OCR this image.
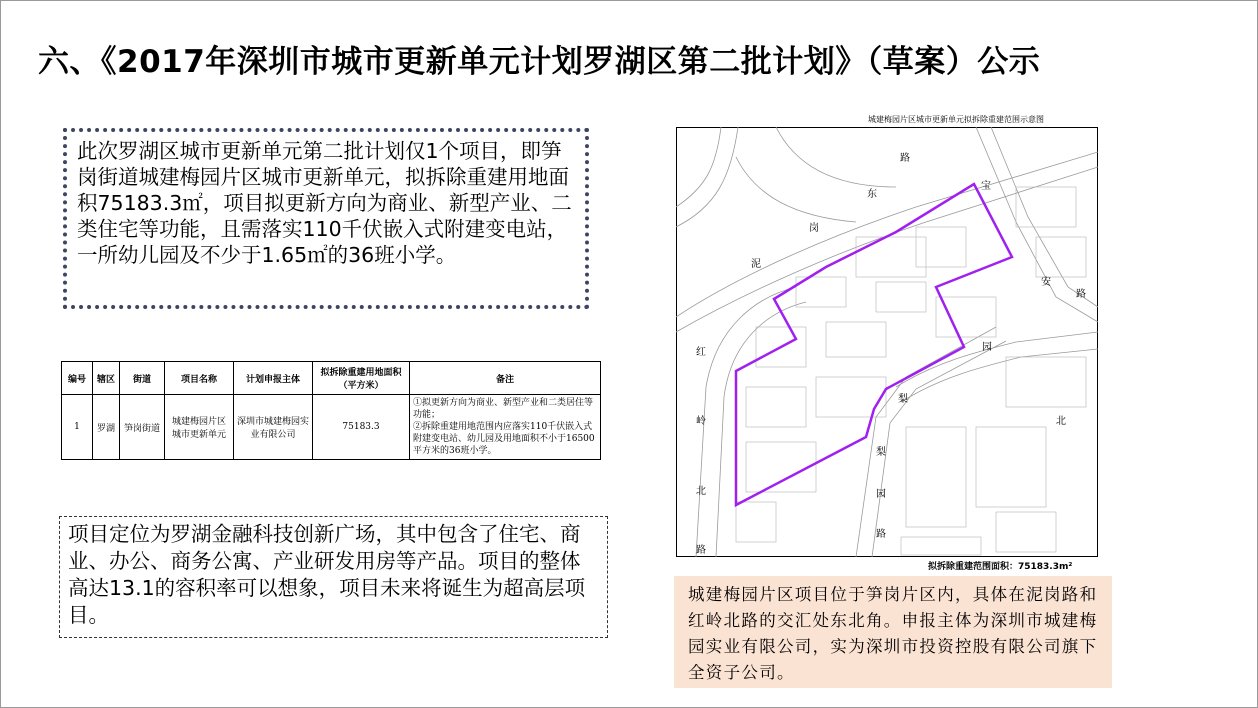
六、《2017年深圳市城市更新单元计划罗湖区第二批计划》（草案）公示
此次罗湖区城市更新单元第二批计划仅1个项目，即笋岗街道城建梅园片区城市更新单元，拟拆除重建用地面积75183.3㎡，项目拟更新方向为商业、新型产业、二类住宅等功能，且需落实110千伏嵌入式附建变电站，一所幼儿园及不少于1.65㎡的36班小学。
编号	辖区	街道	项目名称	计划申报主体	拟拆除重建用地面积（平方米）	备注
1	罗湖	笋岗街道	城建梅园片区城市更新单元	深圳市城建梅园实业有限公司	75183.3	①拟更新方向为商业、新型产业和二类居住等功能；
②拆除重建用地范围内应落实110千伏嵌入式附建变电站、幼儿园及用地面积不小于16500平方米的36班小学。
项目定位为罗湖金融科技创新广场，其中包含了住宅、商业、办公、商务公寓、产业研发用房等产品。项目的整体高达13.1的容积率可以想象，项目未来将诞生为超高层项目。
城建梅园片区城市更新单元拟拆除重建范围示意图
路
东
岗
泥
宝
安
路
红
岭
北
路
园
梨
园
路
梨
北
拟拆除重建范围面积：75183.3m²
城建梅园片区项目位于笋岗片区内，具体在泥岗路和红岭北路的交汇处东北角。申报主体为深圳市城建梅园实业有限公司，实为深圳市投资控股有限公司旗下全资子公司。
